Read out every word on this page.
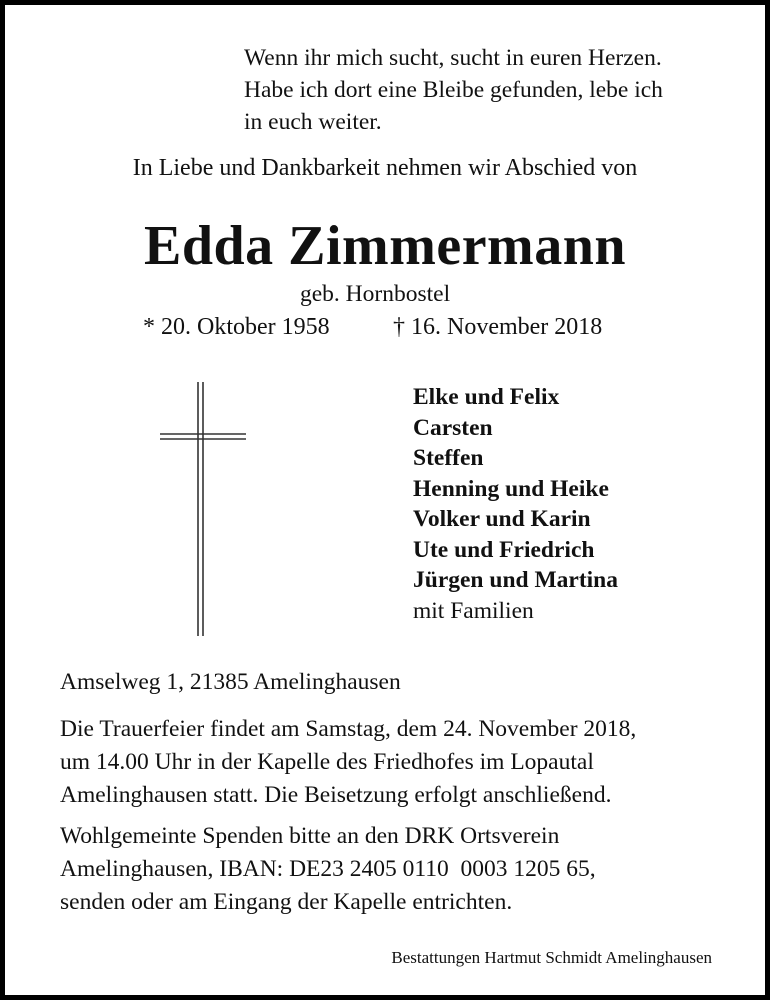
Wenn ihr mich sucht, sucht in euren Herzen.
Habe ich dort eine Bleibe gefunden, lebe ich
in euch weiter.
In Liebe und Dankbarkeit nehmen wir Abschied von
Edda Zimmermann
geb. Hornbostel
* 20. Oktober 1958	† 16. November 2018
Elke und Felix
Carsten
Steffen
Henning und Heike
Volker und Karin
Ute und Friedrich
Jürgen und Martina
mit Familien
Amselweg 1, 21385 Amelinghausen
Die Trauerfeier findet am Samstag, dem 24. November 2018,
um 14.00 Uhr in der Kapelle des Friedhofes im Lopautal
Amelinghausen statt. Die Beisetzung erfolgt anschließend.
Wohlgemeinte Spenden bitte an den DRK Ortsverein
Amelinghausen, IBAN: DE23 2405 0110  0003 1205 65,
senden oder am Eingang der Kapelle entrichten.
Bestattungen Hartmut Schmidt Amelinghausen
